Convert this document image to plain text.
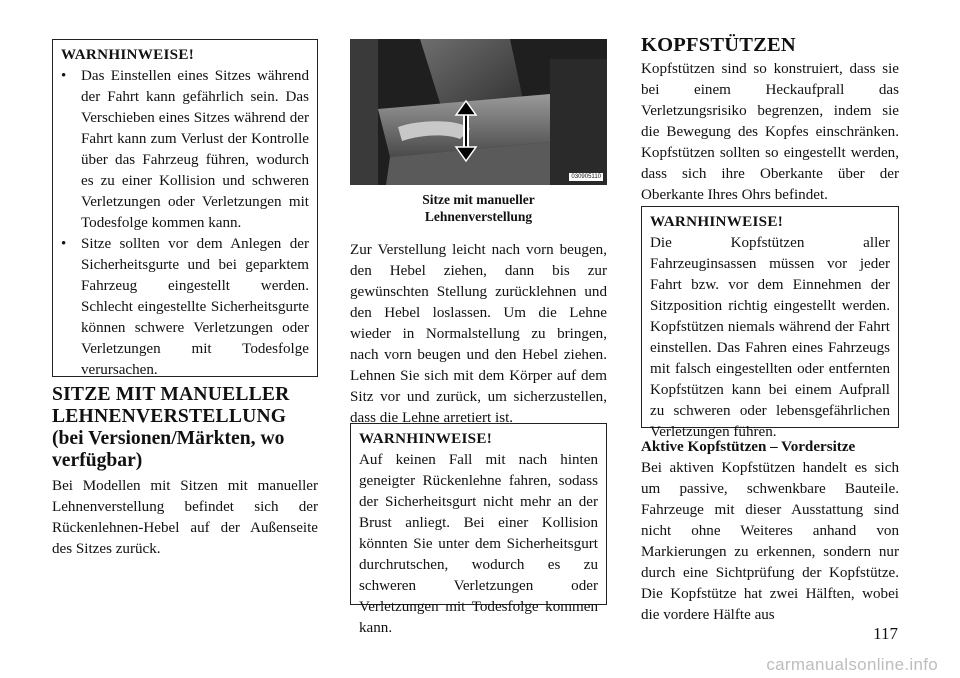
WARNHINWEISE!
• Das Einstellen eines Sitzes während der Fahrt kann gefährlich sein. Das Verschieben eines Sitzes während der Fahrt kann zum Verlust der Kontrolle über das Fahrzeug führen, wodurch es zu einer Kollision und schweren Verletzungen oder Verletzungen mit Todesfolge kommen kann.
• Sitze sollten vor dem Anlegen der Sicherheitsgurte und bei geparktem Fahrzeug eingestellt werden. Schlecht eingestellte Sicherheitsgurte können schwere Verletzungen oder Verletzungen mit Todesfolge verursachen.
SITZE MIT MANUELLER
LEHNENVERSTELLUNG
(bei Versionen/Märkten, wo verfügbar)

Bei Modellen mit Sitzen mit manueller Lehnenverstellung befindet sich der Rückenlehnen-Hebel auf der Außenseite des Sitzes zurück.

030905110
Sitze mit manueller Lehnenverstellung

Zur Verstellung leicht nach vorn beugen, den Hebel ziehen, dann bis zur gewünschten Stellung zurücklehnen und den Hebel loslassen. Um die Lehne wieder in Normalstellung zu bringen, nach vorn beugen und den Hebel ziehen. Lehnen Sie sich mit dem Körper auf dem Sitz vor und zurück, um sicherzustellen, dass die Lehne arretiert ist.

WARNHINWEISE!
Auf keinen Fall mit nach hinten geneigter Rückenlehne fahren, sodass der Sicherheitsgurt nicht mehr an der Brust anliegt. Bei einer Kollision könnten Sie unter dem Sicherheitsgurt durchrutschen, wodurch es zu schweren Verletzungen oder Verletzungen mit Todesfolge kommen kann.
KOPFSTÜTZEN

Kopfstützen sind so konstruiert, dass sie bei einem Heckaufprall das Verletzungsrisiko begrenzen, indem sie die Bewegung des Kopfes einschränken. Kopfstützen sollten so eingestellt werden, dass sich ihre Oberkante über der Oberkante Ihres Ohrs befindet.

WARNHINWEISE!
Die Kopfstützen aller Fahrzeuginsassen müssen vor jeder Fahrt bzw. vor dem Einnehmen der Sitzposition richtig eingestellt werden. Kopfstützen niemals während der Fahrt einstellen. Das Fahren eines Fahrzeugs mit falsch eingestellten oder entfernten Kopfstützen kann bei einem Aufprall zu schweren oder lebensgefährlichen Verletzungen führen.
Aktive Kopfstützen – Vordersitze

Bei aktiven Kopfstützen handelt es sich um passive, schwenkbare Bauteile. Fahrzeuge mit dieser Ausstattung sind nicht ohne Weiteres anhand von Markierungen zu erkennen, sondern nur durch eine Sichtprüfung der Kopfstütze. Die Kopfstütze hat zwei Hälften, wobei die vordere Hälfte aus

117
carmanualsonline.info
